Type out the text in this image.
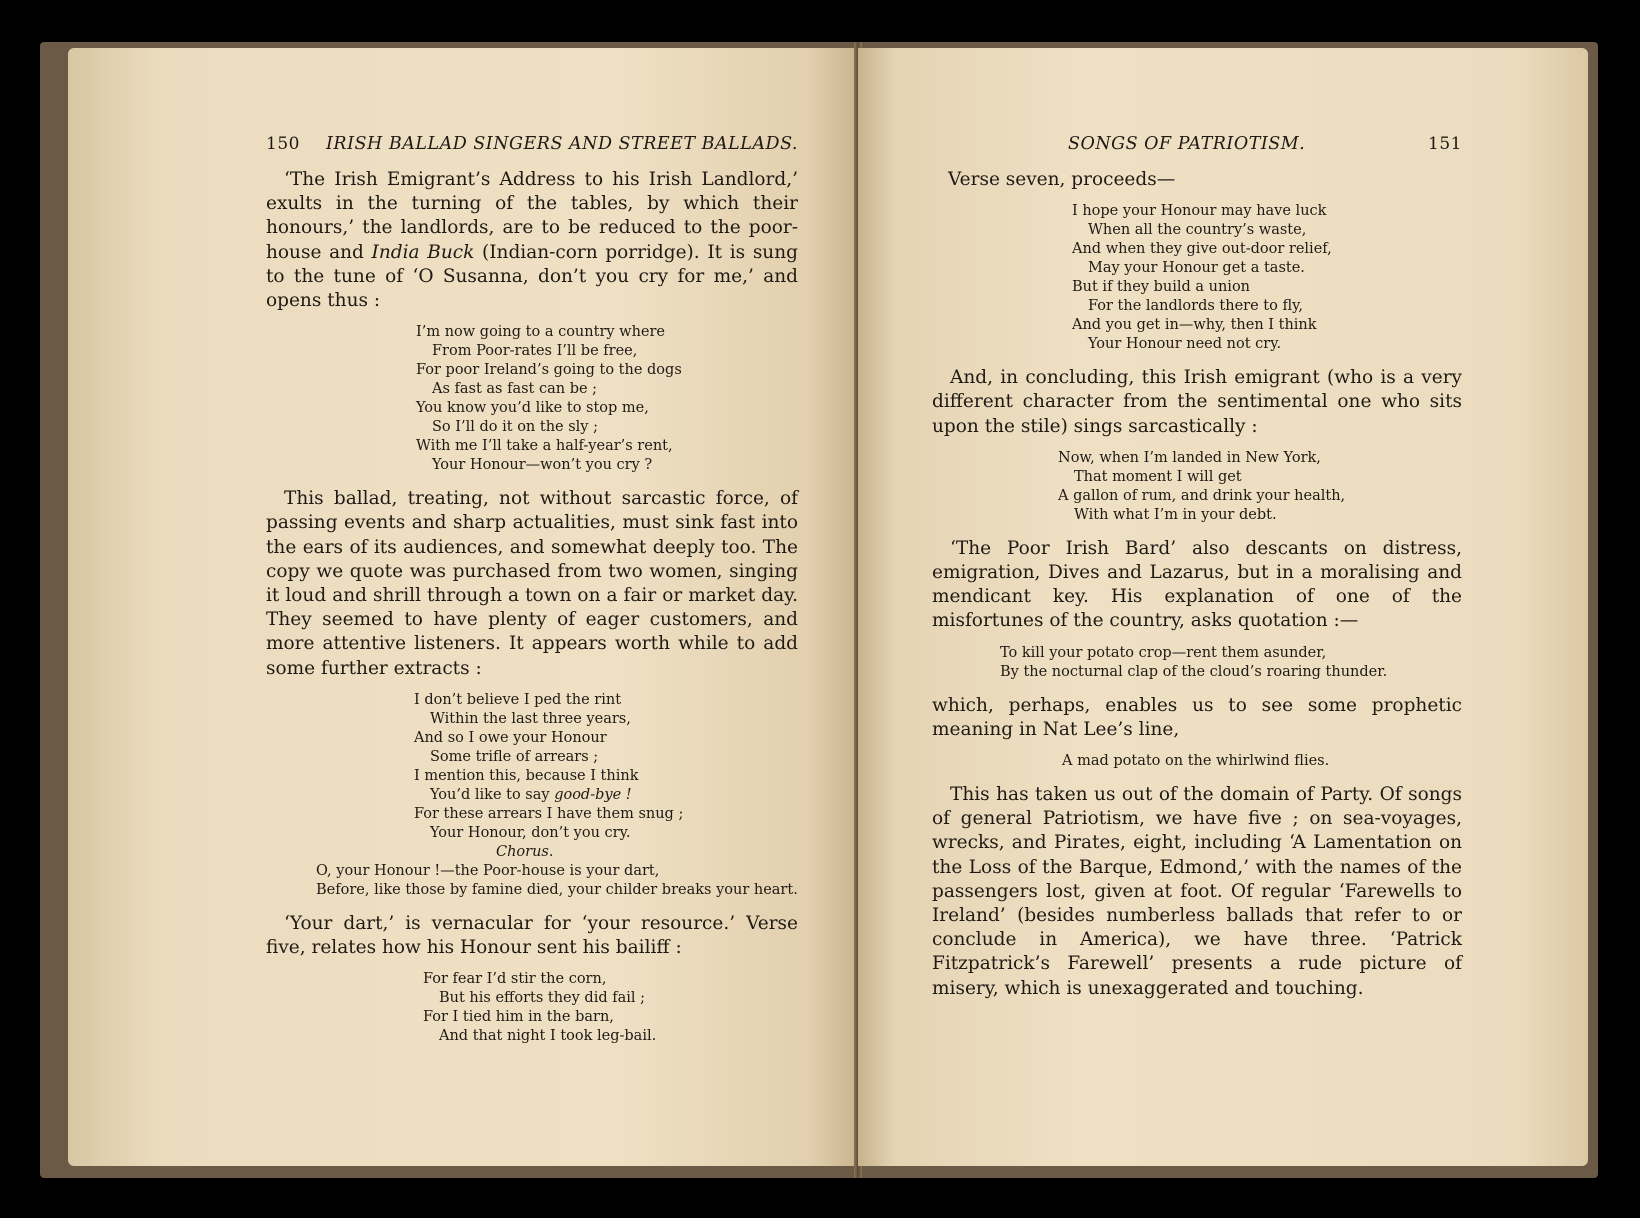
150 IRISH BALLAD SINGERS AND STREET BALLADS.

‘The Irish Emigrant’s Address to his Irish Landlord,’ exults in the turning of the tables, by which their honours,’ the landlords, are to be reduced to the poor-house and India Buck (Indian-corn porridge). It is sung to the tune of ‘O Susanna, don’t you cry for me,’ and opens thus :

I’m now going to a country where
From Poor-rates I’ll be free,
For poor Ireland’s going to the dogs
As fast as fast can be ;
You know you’d like to stop me,
So I’ll do it on the sly ;
With me I’ll take a half-year’s rent,
Your Honour—won’t you cry ?

This ballad, treating, not without sarcastic force, of passing events and sharp actualities, must sink fast into the ears of its audiences, and somewhat deeply too. The copy we quote was purchased from two women, singing it loud and shrill through a town on a fair or market day. They seemed to have plenty of eager customers, and more attentive listeners. It appears worth while to add some further extracts :

I don’t believe I ped the rint
Within the last three years,
And so I owe your Honour
Some trifle of arrears ;
I mention this, because I think
You’d like to say good-bye !
For these arrears I have them snug ;
Your Honour, don’t you cry.
Chorus.
O, your Honour !—the Poor-house is your dart,
Before, like those by famine died, your childer breaks your heart.

‘Your dart,’ is vernacular for ‘your resource.’ Verse five, relates how his Honour sent his bailiff :

For fear I’d stir the corn,
But his efforts they did fail ;
For I tied him in the barn,
And that night I took leg-bail.
SONGS OF PATRIOTISM.	151

Verse seven, proceeds—

I hope your Honour may have luck
When all the country’s waste,
And when they give out-door relief,
May your Honour get a taste.
But if they build a union
For the landlords there to fly,
And you get in—why, then I think
Your Honour need not cry.

And, in concluding, this Irish emigrant (who is a very different character from the sentimental one who sits upon the stile) sings sarcastically :

Now, when I’m landed in New York,
That moment I will get
A gallon of rum, and drink your health,
With what I’m in your debt.

‘The Poor Irish Bard’ also descants on distress, emigration, Dives and Lazarus, but in a moralising and mendicant key. His explanation of one of the misfortunes of the country, asks quotation :—

To kill your potato crop—rent them asunder,
By the nocturnal clap of the cloud’s roaring thunder.

which, perhaps, enables us to see some prophetic meaning in Nat Lee’s line,

A mad potato on the whirlwind flies.

This has taken us out of the domain of Party. Of songs of general Patriotism, we have five ; on sea-voyages, wrecks, and Pirates, eight, including ‘A Lamentation on the Loss of the Barque, Edmond,’ with the names of the passengers lost, given at foot. Of regular ‘Farewells to Ireland’ (besides numberless ballads that refer to or conclude in America), we have three. ‘Patrick Fitzpatrick’s Farewell’ presents a rude picture of misery, which is unexaggerated and touching.
